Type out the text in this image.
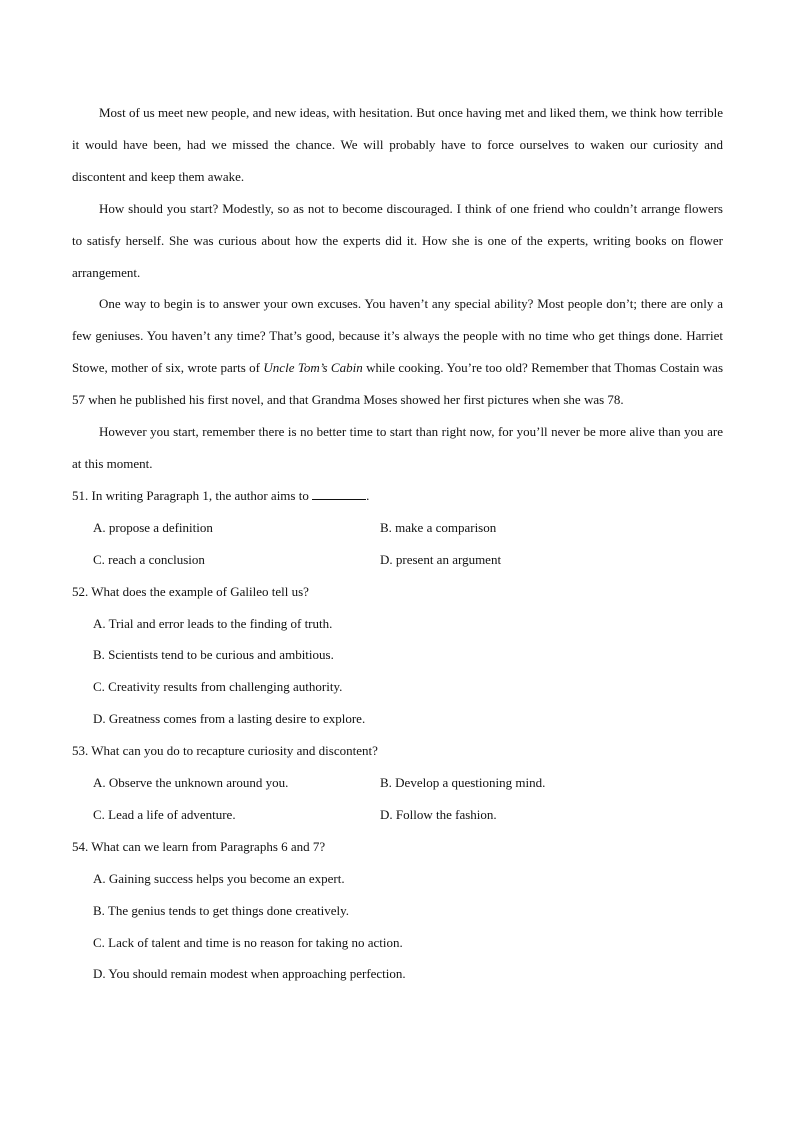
Most of us meet new people, and new ideas, with hesitation. But once having met and liked them, we think how terrible it would have been, had we missed the chance. We will probably have to force ourselves to waken our curiosity and discontent and keep them awake.

How should you start? Modestly, so as not to become discouraged. I think of one friend who couldn’t arrange flowers to satisfy herself. She was curious about how the experts did it. How she is one of the experts, writing books on flower arrangement.

One way to begin is to answer your own excuses. You haven’t any special ability? Most people don’t; there are only a few geniuses. You haven’t any time? That’s good, because it’s always the people with no time who get things done. Harriet Stowe, mother of six, wrote parts of Uncle Tom’s Cabin while cooking. You’re too old? Remember that Thomas Costain was 57 when he published his first novel, and that Grandma Moses showed her first pictures when she was 78.

However you start, remember there is no better time to start than right now, for you’ll never be more alive than you are at this moment.

51. In writing Paragraph 1, the author aims to	.

A. propose a definition	B. make a comparison
C. reach a conclusion	D. present an argument

52. What does the example of Galileo tell us?

A. Trial and error leads to the finding of truth.
B. Scientists tend to be curious and ambitious.
C. Creativity results from challenging authority.
D. Greatness comes from a lasting desire to explore.

53. What can you do to recapture curiosity and discontent?

A. Observe the unknown around you.	B. Develop a questioning mind.
C. Lead a life of adventure.	D. Follow the fashion.

54. What can we learn from Paragraphs 6 and 7?

A. Gaining success helps you become an expert.
B. The genius tends to get things done creatively.
C. Lack of talent and time is no reason for taking no action.
D. You should remain modest when approaching perfection.
